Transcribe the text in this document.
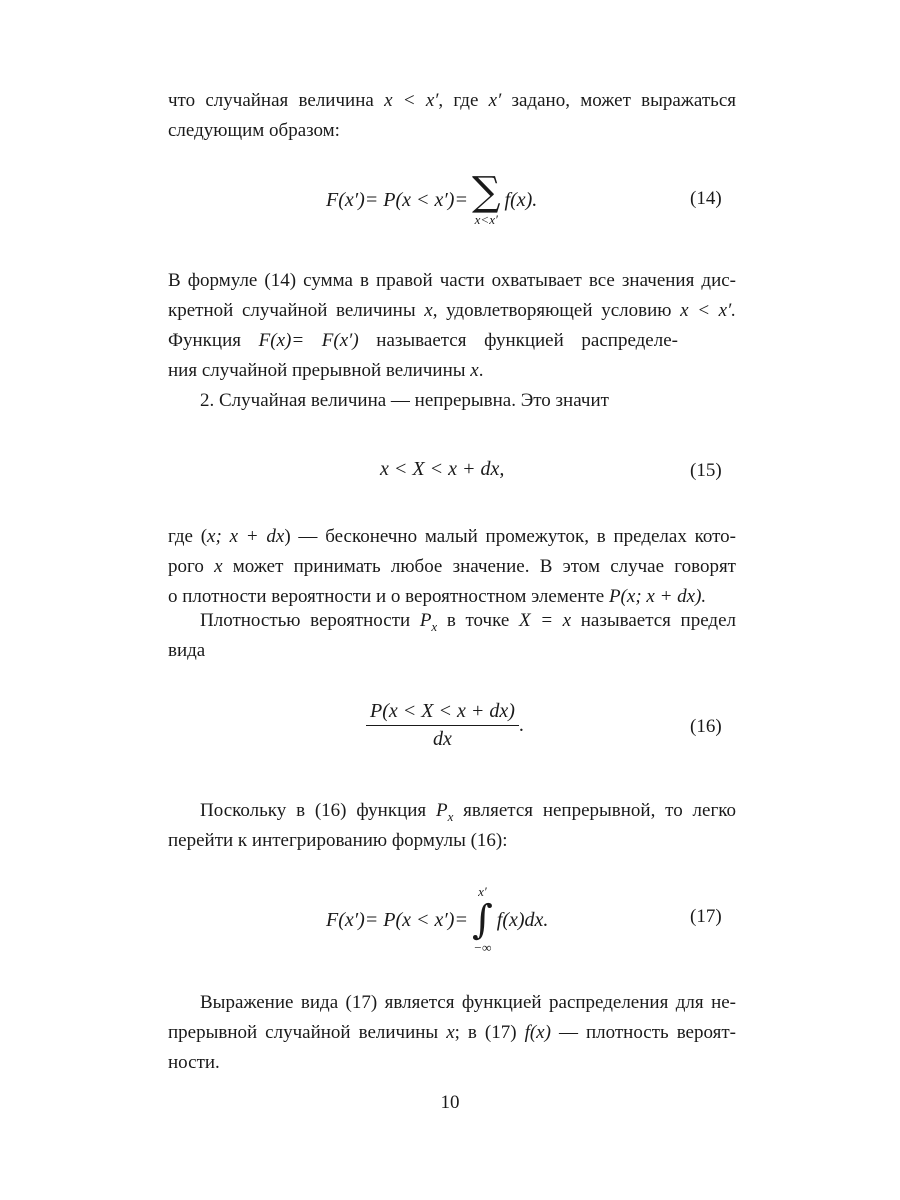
что случайная величина x < x′, где x′ задано, может выражаться
следующим образом:
F(x′)= P(x < x′)= ∑
x<x′
f(x).	(14)
В формуле (14) сумма в правой части охватывает все значения дис-
кретной случайной величины x, удовлетворяющей условию x < x′.
Функция F(x)= F(x′) называется функцией распределе-
ния случайной прерывной величины x.
2. Случайная величина — непрерывна. Это значит
x < X < x + dx,	(15)
где (x; x + dx) — бесконечно малый промежуток, в пределах кото-
рого x может принимать любое значение. В этом случае говорят
о плотности вероятности и о вероятностном элементе P(x; x + dx).
Плотностью вероятности $P_x$ в точке X = x называется предел
вида
$\frac{P(x < X < x + dx)}{dx}$ .	(16)
Поскольку в (16) функция $P_x$ является непрерывной, то легко
перейти к интегрированию формулы (16):
F(x′)= P(x < x′)=
x′
∫
−∞
f(x)dx.	(17)
Выражение вида (17) является функцией распределения для не-
прерывной случайной величины x; в (17) f(x) — плотность вероят-
ности.
10
